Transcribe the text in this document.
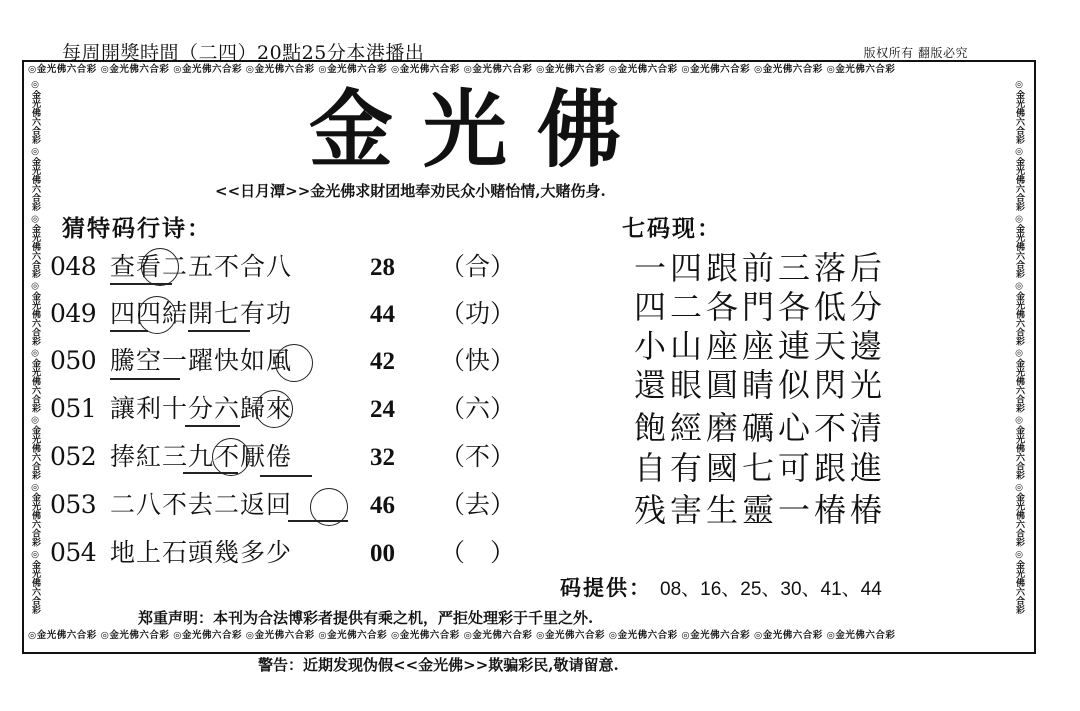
每周開獎時間（二四）20點25分本港播出	版权所有 翻版必究
◎金光佛六合彩 ◎金光佛六合彩 ◎金光佛六合彩 ◎金光佛六合彩 ◎金光佛六合彩 ◎金光佛六合彩 ◎金光佛六合彩 ◎金光佛六合彩 ◎金光佛六合彩 ◎金光佛六合彩 ◎金光佛六合彩 ◎金光佛六合彩
◎金光佛六合彩 ◎金光佛六合彩 ◎金光佛六合彩 ◎金光佛六合彩 ◎金光佛六合彩 ◎金光佛六合彩 ◎金光佛六合彩 ◎金光佛六合彩 ◎金光佛六合彩 ◎金光佛六合彩 ◎金光佛六合彩 ◎金光佛六合彩
◎金光佛六合彩 ◎金光佛六合彩 ◎金光佛六合彩 ◎金光佛六合彩 ◎金光佛六合彩 ◎金光佛六合彩 ◎金光佛六合彩 ◎金光佛六合彩	◎金光佛六合彩 ◎金光佛六合彩 ◎金光佛六合彩 ◎金光佛六合彩 ◎金光佛六合彩 ◎金光佛六合彩 ◎金光佛六合彩 ◎金光佛六合彩
金光佛
<<日月潭>>金光佛求財团地奉劝民众小赌怡情,大赌伤身.
猜特码行诗：
048 查看二五不合八	28 （合）
049 四四結開七有功	44 （功）
050 騰空一躍快如風	42 （快）
051 讓利十分六歸來	24 （六）
052 捧紅三九不厭倦	32 （不）
053 二八不去二返回	46 （去）
054 地上石頭幾多少	00 （　）
七码现：
一四跟前三落后
四二各門各低分
小山座座連天邊
還眼圓睛似閃光
飽經磨礪心不清
自有國七可跟進
残害生靈一椿椿
码提供： 08、16、25、30、41、44
郑重声明：本刊为合法博彩者提供有乘之机，严拒处理彩于千里之外.
警告：近期发现伪假<<金光佛>>欺骗彩民,敬请留意.
